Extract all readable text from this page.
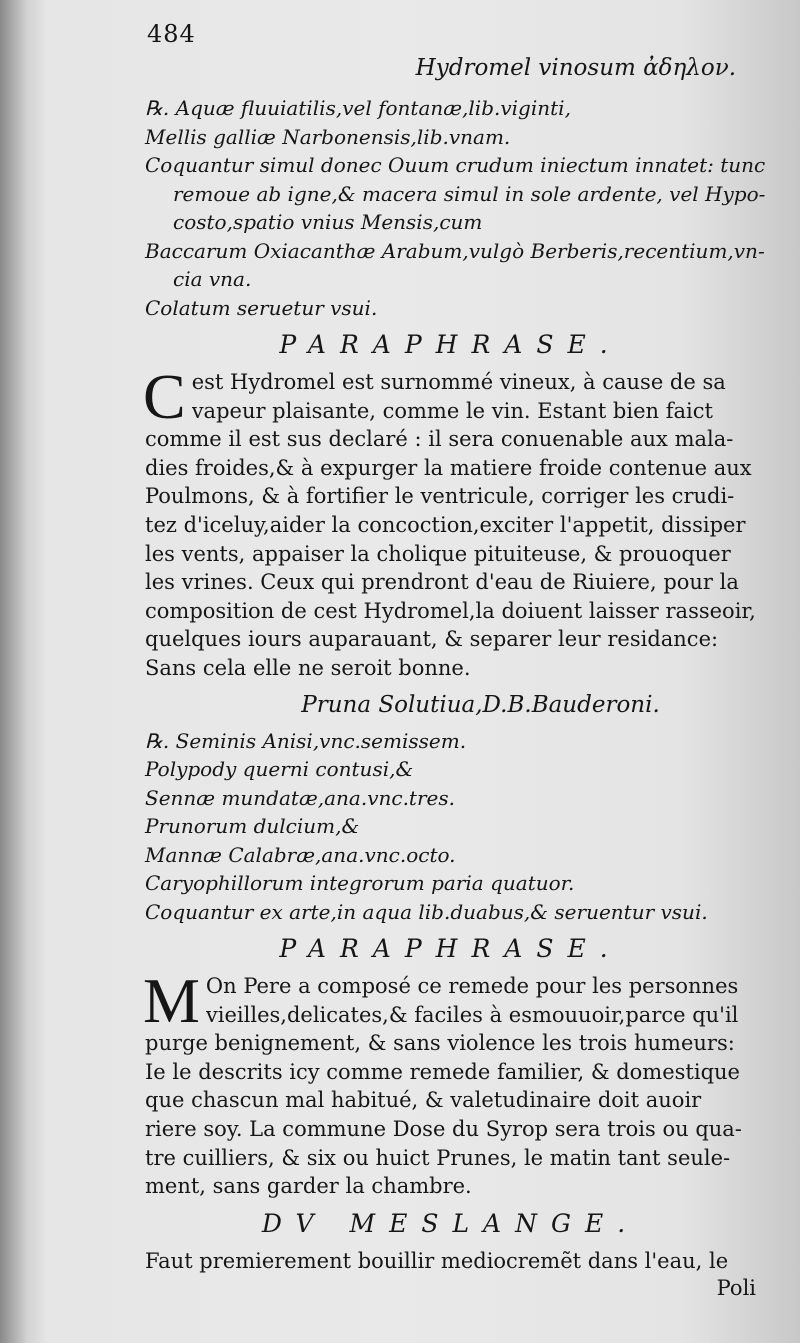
484
Hydromel vinosum ἀδηλον.
℞. Aquæ fluuiatilis,vel fontanæ,lib.viginti,
Mellis galliæ Narbonensis,lib.vnam.
Coquantur simul donec Ouum crudum iniectum innatet: tunc
remoue ab igne,& macera simul in sole ardente, vel Hypo-
costo,spatio vnius Mensis,cum
Baccarum Oxiacanthæ Arabum,vulgò Berberis,recentium,vn-
cia vna.
Colatum seruetur vsui.
PARAPHRASE.
C est Hydromel est surnommé vineux, à cause de sa
vapeur plaisante, comme le vin. Estant bien faict
comme il est sus declaré : il sera conuenable aux mala-
dies froides,& à expurger la matiere froide contenue aux
Poulmons, & à fortifier le ventricule, corriger les crudi-
tez d'iceluy,aider la concoction,exciter l'appetit, dissiper
les vents, appaiser la cholique pituiteuse, & prouoquer
les vrines. Ceux qui prendront d'eau de Riuiere, pour la
composition de cest Hydromel,la doiuent laisser rasseoir,
quelques iours auparauant, & separer leur residance:
Sans cela elle ne seroit bonne.
Pruna Solutiua,D.B.Bauderoni.
℞. Seminis Anisi,vnc.semissem.
Polypody querni contusi,&
Sennæ mundatæ,ana.vnc.tres.
Prunorum dulcium,&
Mannæ Calabræ,ana.vnc.octo.
Caryophillorum integrorum paria quatuor.
Coquantur ex arte,in aqua lib.duabus,& seruentur vsui.
PARAPHRASE.
M On Pere a composé ce remede pour les personnes
vieilles,delicates,& faciles à esmouuoir,parce qu'il
purge benignement, & sans violence les trois humeurs:
Ie le descrits icy comme remede familier, & domestique
que chascun mal habitué, & valetudinaire doit auoir
riere soy. La commune Dose du Syrop sera trois ou qua-
tre cuilliers, & six ou huict Prunes, le matin tant seule-
ment, sans garder la chambre.
DV MESLANGE.
Faut premierement bouillir mediocremẽt dans l'eau, le
Poli
